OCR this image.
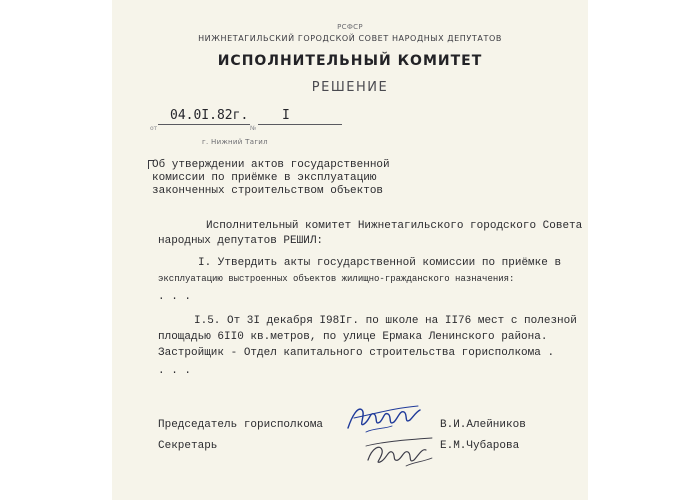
РСФСР
НИЖНЕТАГИЛЬСКИЙ ГОРОДСКОЙ СОВЕТ НАРОДНЫХ ДЕПУТАТОВ
ИСПОЛНИТЕЛЬНЫЙ КОМИТЕТ
РЕШЕНИЕ
от
04.0I.82г.
№
I
г. Нижний Тагил
Об утверждении актов государственной
комиссии по приёмке в эксплуатацию
законченных строительством объектов
Исполнительный комитет Нижнетагильского городского Совета
народных депутатов РЕШИЛ:
I. Утвердить акты государственной комиссии по приёмке в
эксплуатацию выстроенных объектов жилищно-гражданского назначения:
. . .
I.5. От 3I декабря I98Iг. по школе на II76 мест с полезной
площадью 6II0 кв.метров, по улице Ермака Ленинского района.
Застройщик - Отдел капитального строительства горисполкома .
. . .
Председатель горисполкома	В.И.Алейников
Секретарь	Е.М.Чубарова
